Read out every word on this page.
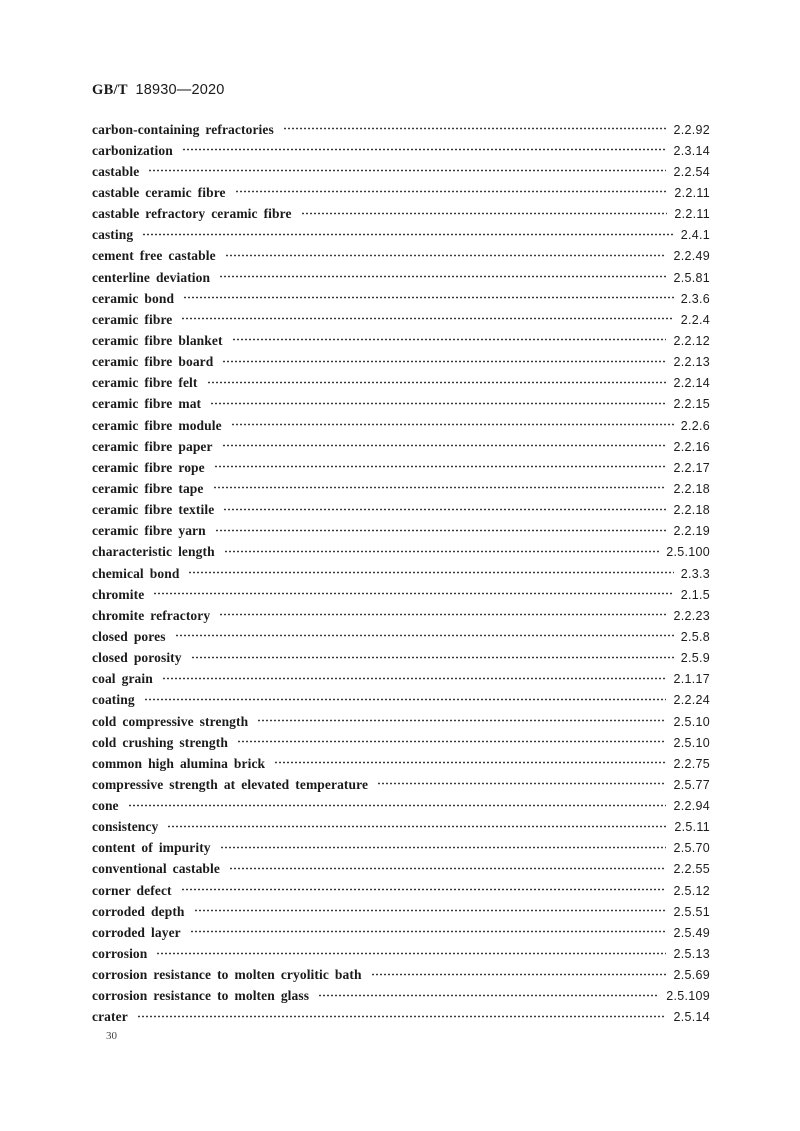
GB/T 18930—2020
carbon-containing refractories	2.2.92
carbonization	2.3.14
castable	2.2.54
castable ceramic fibre	2.2.11
castable refractory ceramic fibre	2.2.11
casting	2.4.1
cement free castable	2.2.49
centerline deviation	2.5.81
ceramic bond	2.3.6
ceramic fibre	2.2.4
ceramic fibre blanket	2.2.12
ceramic fibre board	2.2.13
ceramic fibre felt	2.2.14
ceramic fibre mat	2.2.15
ceramic fibre module	2.2.6
ceramic fibre paper	2.2.16
ceramic fibre rope	2.2.17
ceramic fibre tape	2.2.18
ceramic fibre textile	2.2.18
ceramic fibre yarn	2.2.19
characteristic length	2.5.100
chemical bond	2.3.3
chromite	2.1.5
chromite refractory	2.2.23
closed pores	2.5.8
closed porosity	2.5.9
coal grain	2.1.17
coating	2.2.24
cold compressive strength	2.5.10
cold crushing strength	2.5.10
common high alumina brick	2.2.75
compressive strength at elevated temperature	2.5.77
cone	2.2.94
consistency	2.5.11
content of impurity	2.5.70
conventional castable	2.2.55
corner defect	2.5.12
corroded depth	2.5.51
corroded layer	2.5.49
corrosion	2.5.13
corrosion resistance to molten cryolitic bath	2.5.69
corrosion resistance to molten glass	2.5.109
crater	2.5.14
30
